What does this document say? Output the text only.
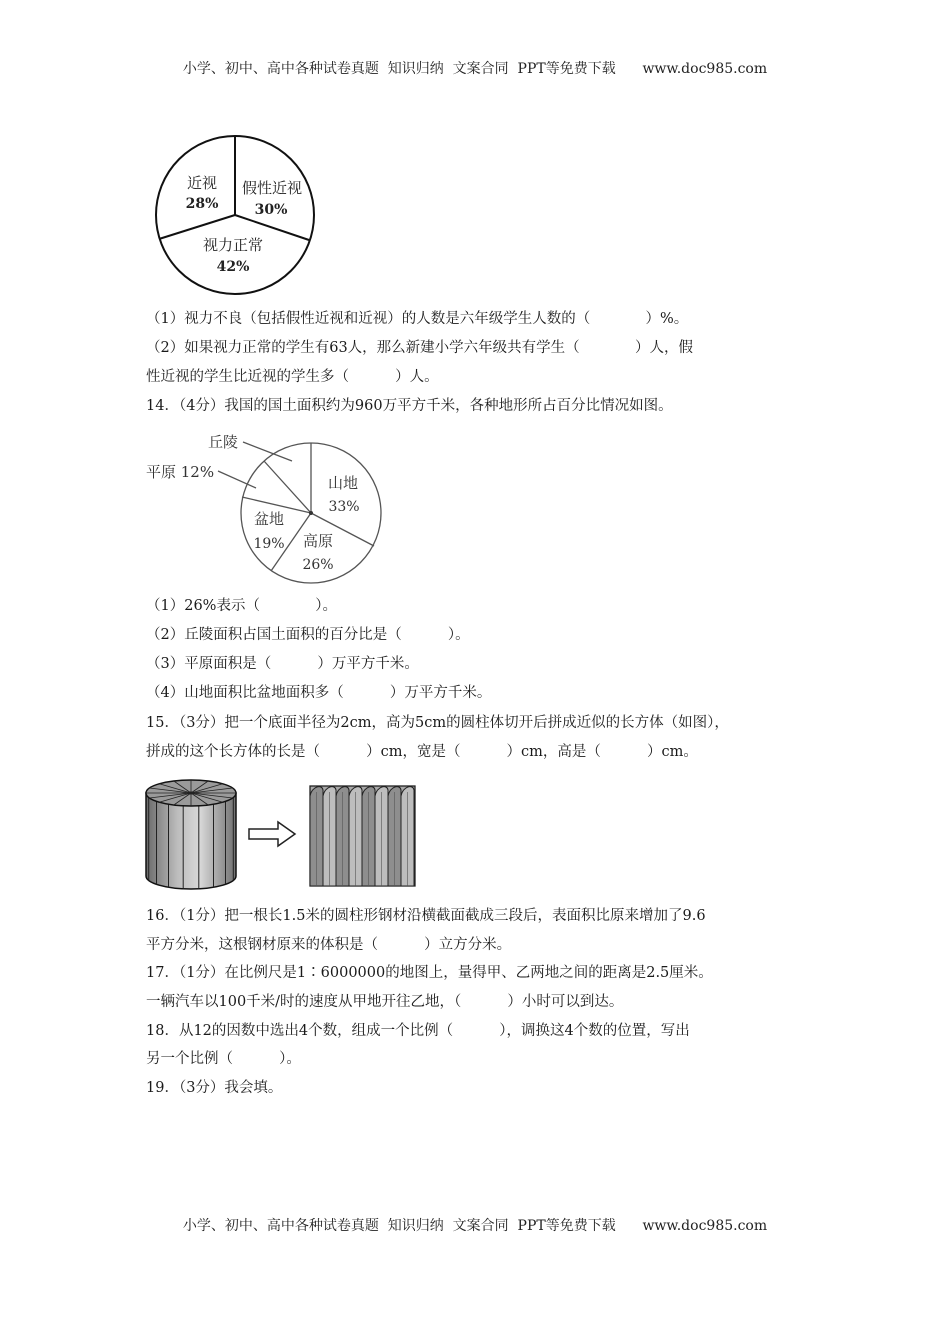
小学、初中、高中各种试卷真题  知识归纳  文案合同  PPT等免费下载      www.doc985.com
近视
28%
假性近视
30%
视力正常
42%
（1）视力不良（包括假性近视和近视）的人数是六年级学生人数的（            ）%。
（2）如果视力正常的学生有63人，那么新建小学六年级共有学生（            ）人，假
性近视的学生比近视的学生多（          ）人。
14．（4分）我国的国土面积约为960万平方千米，各种地形所占百分比情况如图。
山地
33%
高原
26%
盆地
19%
丘陵
平原 12%
（1）26%表示（            ）。
（2）丘陵面积占国土面积的百分比是（          ）。
（3）平原面积是（          ）万平方千米。
（4）山地面积比盆地面积多（          ）万平方千米。
15．（3分）把一个底面半径为2cm，高为5cm的圆柱体切开后拼成近似的长方体（如图），
拼成的这个长方体的长是（          ）cm，宽是（          ）cm，高是（          ）cm。
16．（1分）把一根长1.5米的圆柱形钢材沿横截面截成三段后，表面积比原来增加了9.6
平方分米，这根钢材原来的体积是（          ）立方分米。
17．（1分）在比例尺是1∶6000000的地图上，量得甲、乙两地之间的距离是2.5厘米。
一辆汽车以100千米/时的速度从甲地开往乙地，（          ）小时可以到达。
18．从12的因数中选出4个数，组成一个比例（          ），调换这4个数的位置，写出
另一个比例（          ）。
19．（3分）我会填。
小学、初中、高中各种试卷真题  知识归纳  文案合同  PPT等免费下载      www.doc985.com
